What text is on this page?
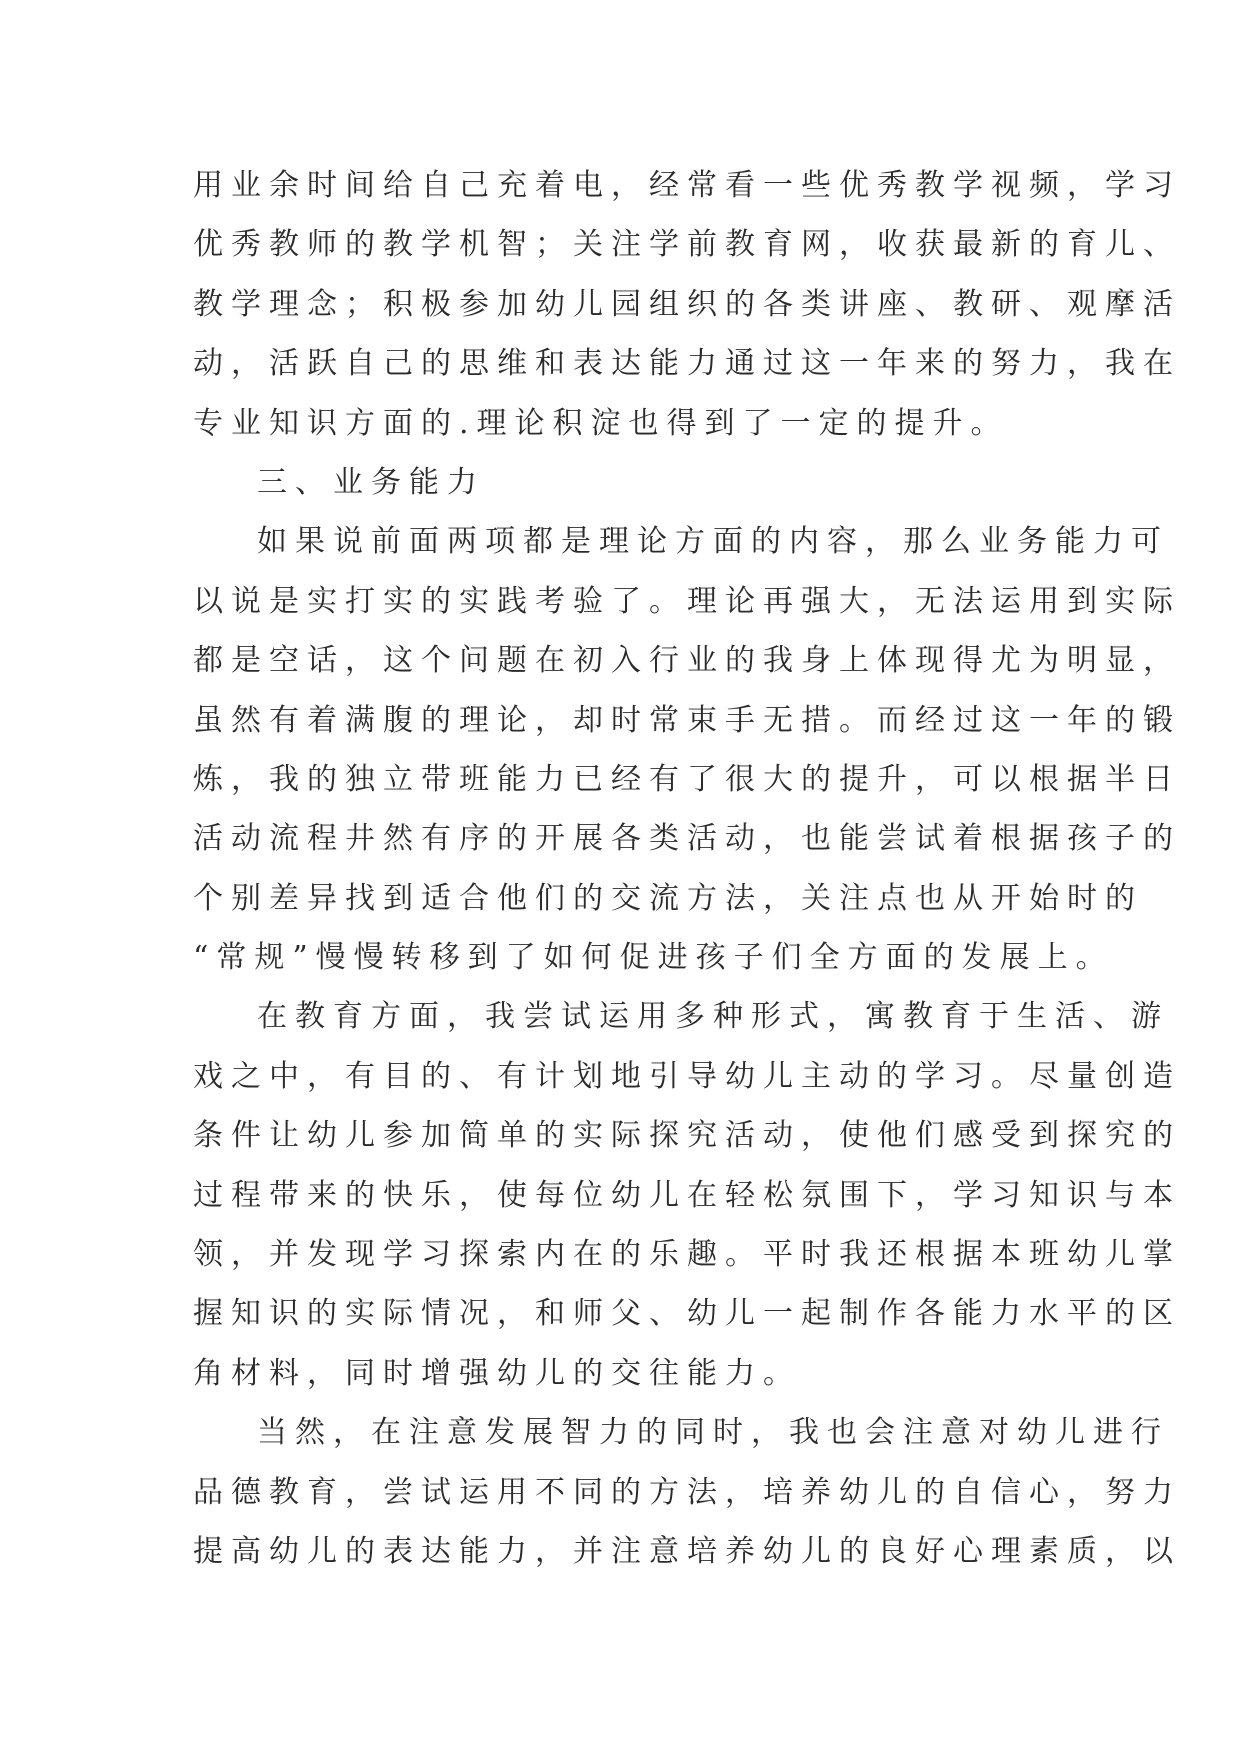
用业余时间给自己充着电，经常看一些优秀教学视频，学习
优秀教师的教学机智；关注学前教育网，收获最新的育儿、
教学理念；积极参加幼儿园组织的各类讲座、教研、观摩活
动，活跃自己的思维和表达能力通过这一年来的努力，我在
专业知识方面的.理论积淀也得到了一定的提升。
三、业务能力
如果说前面两项都是理论方面的内容，那么业务能力可
以说是实打实的实践考验了。理论再强大，无法运用到实际
都是空话，这个问题在初入行业的我身上体现得尤为明显，
虽然有着满腹的理论，却时常束手无措。而经过这一年的锻
炼，我的独立带班能力已经有了很大的提升，可以根据半日
活动流程井然有序的开展各类活动，也能尝试着根据孩子的
个别差异找到适合他们的交流方法，关注点也从开始时的
“常规”慢慢转移到了如何促进孩子们全方面的发展上。
在教育方面，我尝试运用多种形式，寓教育于生活、游
戏之中，有目的、有计划地引导幼儿主动的学习。尽量创造
条件让幼儿参加简单的实际探究活动，使他们感受到探究的
过程带来的快乐，使每位幼儿在轻松氛围下，学习知识与本
领，并发现学习探索内在的乐趣。平时我还根据本班幼儿掌
握知识的实际情况，和师父、幼儿一起制作各能力水平的区
角材料，同时增强幼儿的交往能力。
当然，在注意发展智力的同时，我也会注意对幼儿进行
品德教育，尝试运用不同的方法，培养幼儿的自信心，努力
提高幼儿的表达能力，并注意培养幼儿的良好心理素质，以
